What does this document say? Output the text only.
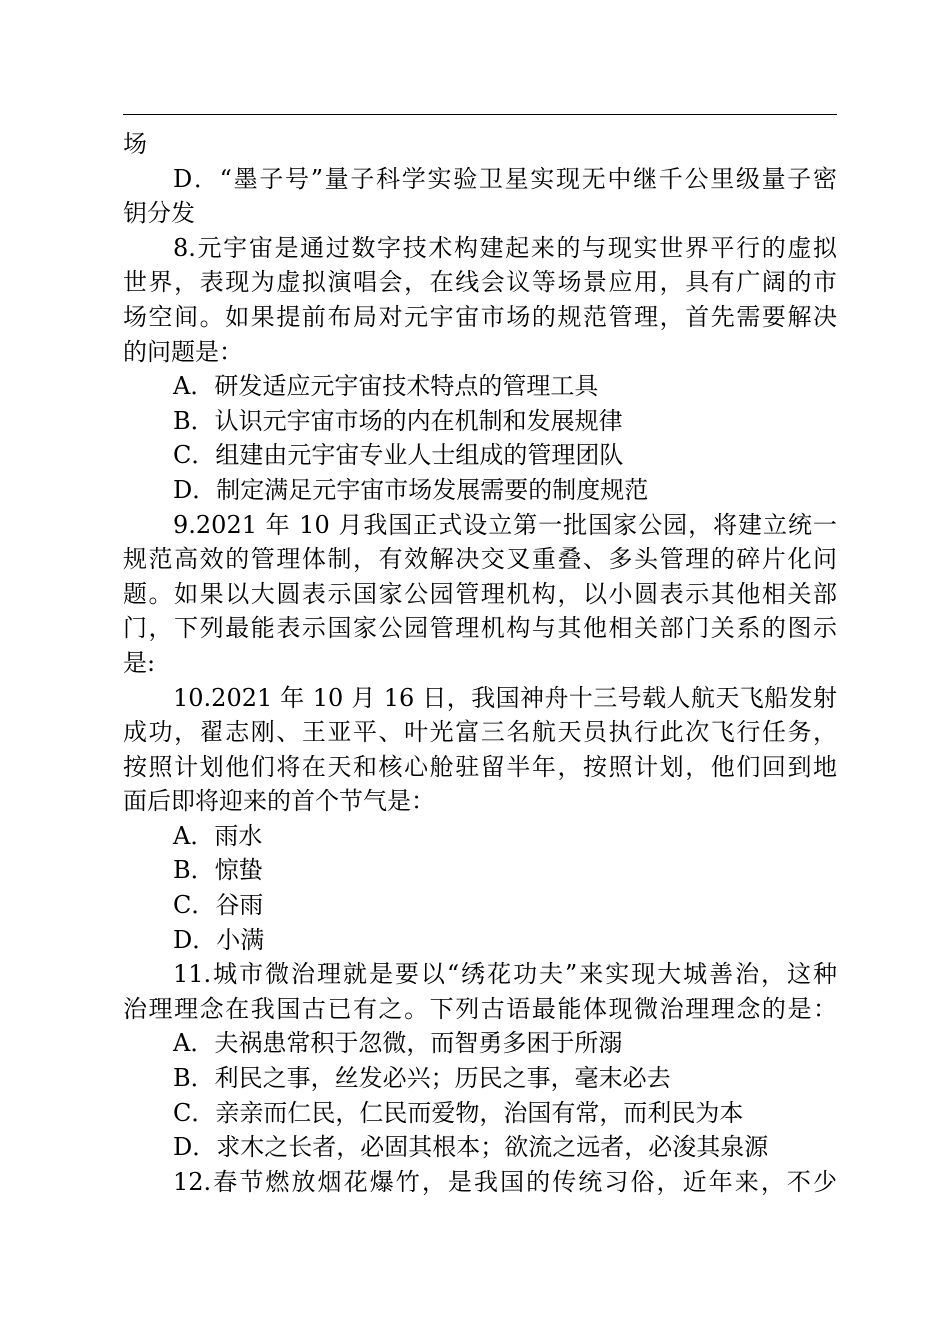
场
D．“墨子号”量子科学实验卫星实现无中继千公里级量子密
钥分发
8.元宇宙是通过数字技术构建起来的与现实世界平行的虚拟
世界，表现为虚拟演唱会，在线会议等场景应用，具有广阔的市
场空间。如果提前布局对元宇宙市场的规范管理，首先需要解决
的问题是：
A．研发适应元宇宙技术特点的管理工具
B．认识元宇宙市场的内在机制和发展规律
C．组建由元宇宙专业人士组成的管理团队
D．制定满足元宇宙市场发展需要的制度规范
9.2021 年 10 月我国正式设立第一批国家公园，将建立统一
规范高效的管理体制，有效解决交叉重叠、多头管理的碎片化问
题。如果以大圆表示国家公园管理机构，以小圆表示其他相关部
门，下列最能表示国家公园管理机构与其他相关部门关系的图示
是:
10.2021 年 10 月 16 日，我国神舟十三号载人航天飞船发射
成功，翟志刚、王亚平、叶光富三名航天员执行此次飞行任务，
按照计划他们将在天和核心舱驻留半年，按照计划，他们回到地
面后即将迎来的首个节气是：
A．雨水
B．惊蛰
C．谷雨
D．小满
11.城市微治理就是要以“绣花功夫”来实现大城善治，这种
治理理念在我国古已有之。下列古语最能体现微治理理念的是：
A．夫祸患常积于忽微，而智勇多困于所溺
B．利民之事，丝发必兴；历民之事，毫末必去
C．亲亲而仁民，仁民而爱物，治国有常，而利民为本
D．求木之长者，必固其根本；欲流之远者，必浚其泉源
12.春节燃放烟花爆竹，是我国的传统习俗，近年来，不少
